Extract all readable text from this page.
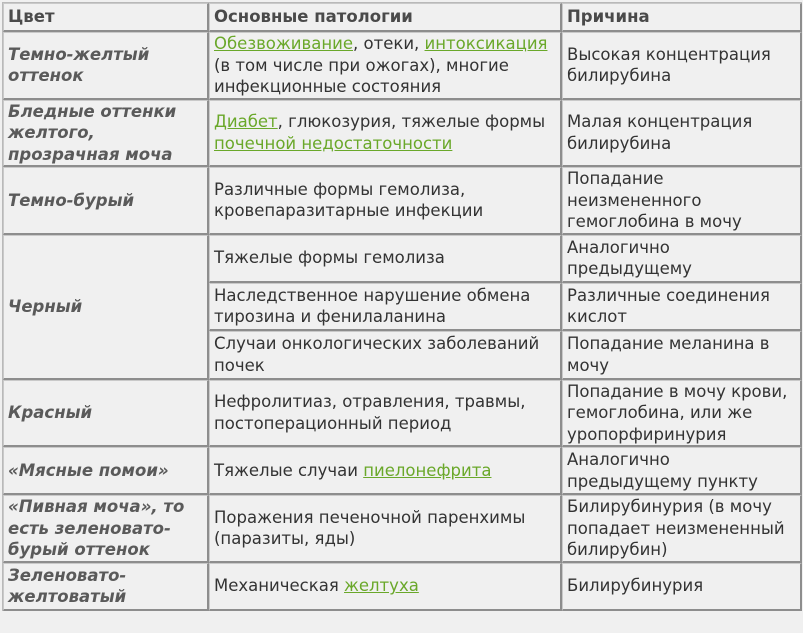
Цвет	Основные патологии	Причина
Темно-желтый оттенок	Обезвоживание, отеки, интоксикация (в том числе при ожогах), многие инфекционные состояния	Высокая концентрация билирубина
Бледные оттенки желтого, прозрачная моча	Диабет, глюкозурия, тяжелые формы почечной недостаточности	Малая концентрация билирубина
Темно-бурый	Различные формы гемолиза, кровепаразитарные инфекции	Попадание неизмененного гемоглобина в мочу
Черный	Тяжелые формы гемолиза	Аналогично предыдущему
	Наследственное нарушение обмена тирозина и фенилаланина	Различные соединения кислот
	Случаи онкологических заболеваний почек	Попадание меланина в мочу
Красный	Нефролитиаз, отравления, травмы, постоперационный период	Попадание в мочу крови, гемоглобина, или же уропорфиринурия
«Мясные помои»	Тяжелые случаи пиелонефрита	Аналогично предыдущему пункту
«Пивная моча», то есть зеленовато-бурый оттенок	Поражения печеночной паренхимы (паразиты, яды)	Билирубинурия (в мочу попадает неизмененный билирубин)
Зеленовато-желтоватый	Механическая желтуха	Билирубинурия
